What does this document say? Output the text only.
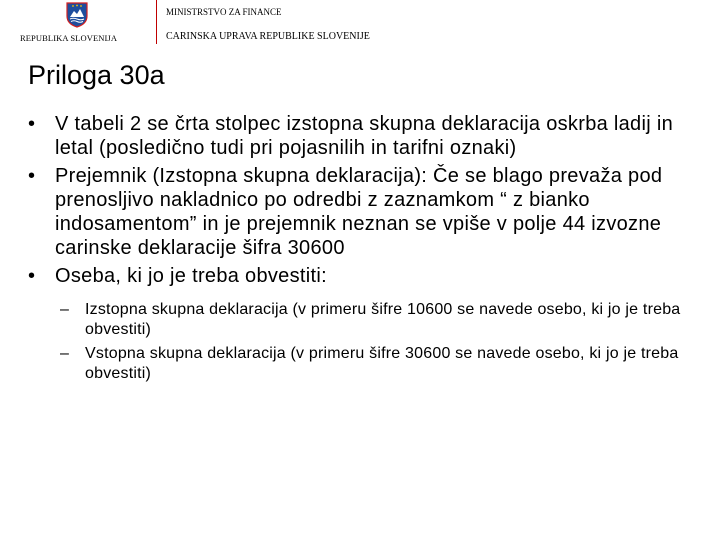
REPUBLIKA SLOVENIJA
MINISTRSTVO ZA FINANCE
CARINSKA UPRAVA REPUBLIKE SLOVENIJE
Priloga 30a
• V tabeli 2 se črta stolpec izstopna skupna deklaracija oskrba ladij in letal (posledično tudi pri pojasnilih in tarifni oznaki)
• Prejemnik (Izstopna skupna deklaracija): Če se blago prevaža pod prenosljivo nakladnico po odredbi z zaznamkom “ z bianko indosamentom” in je prejemnik neznan se vpiše v polje 44 izvozne carinske deklaracije šifra 30600
• Oseba, ki jo je treba obvestiti:
– Izstopna skupna deklaracija (v primeru šifre 10600 se navede osebo, ki jo je treba obvestiti)
– Vstopna skupna deklaracija (v primeru šifre 30600 se navede osebo, ki jo je treba obvestiti)
